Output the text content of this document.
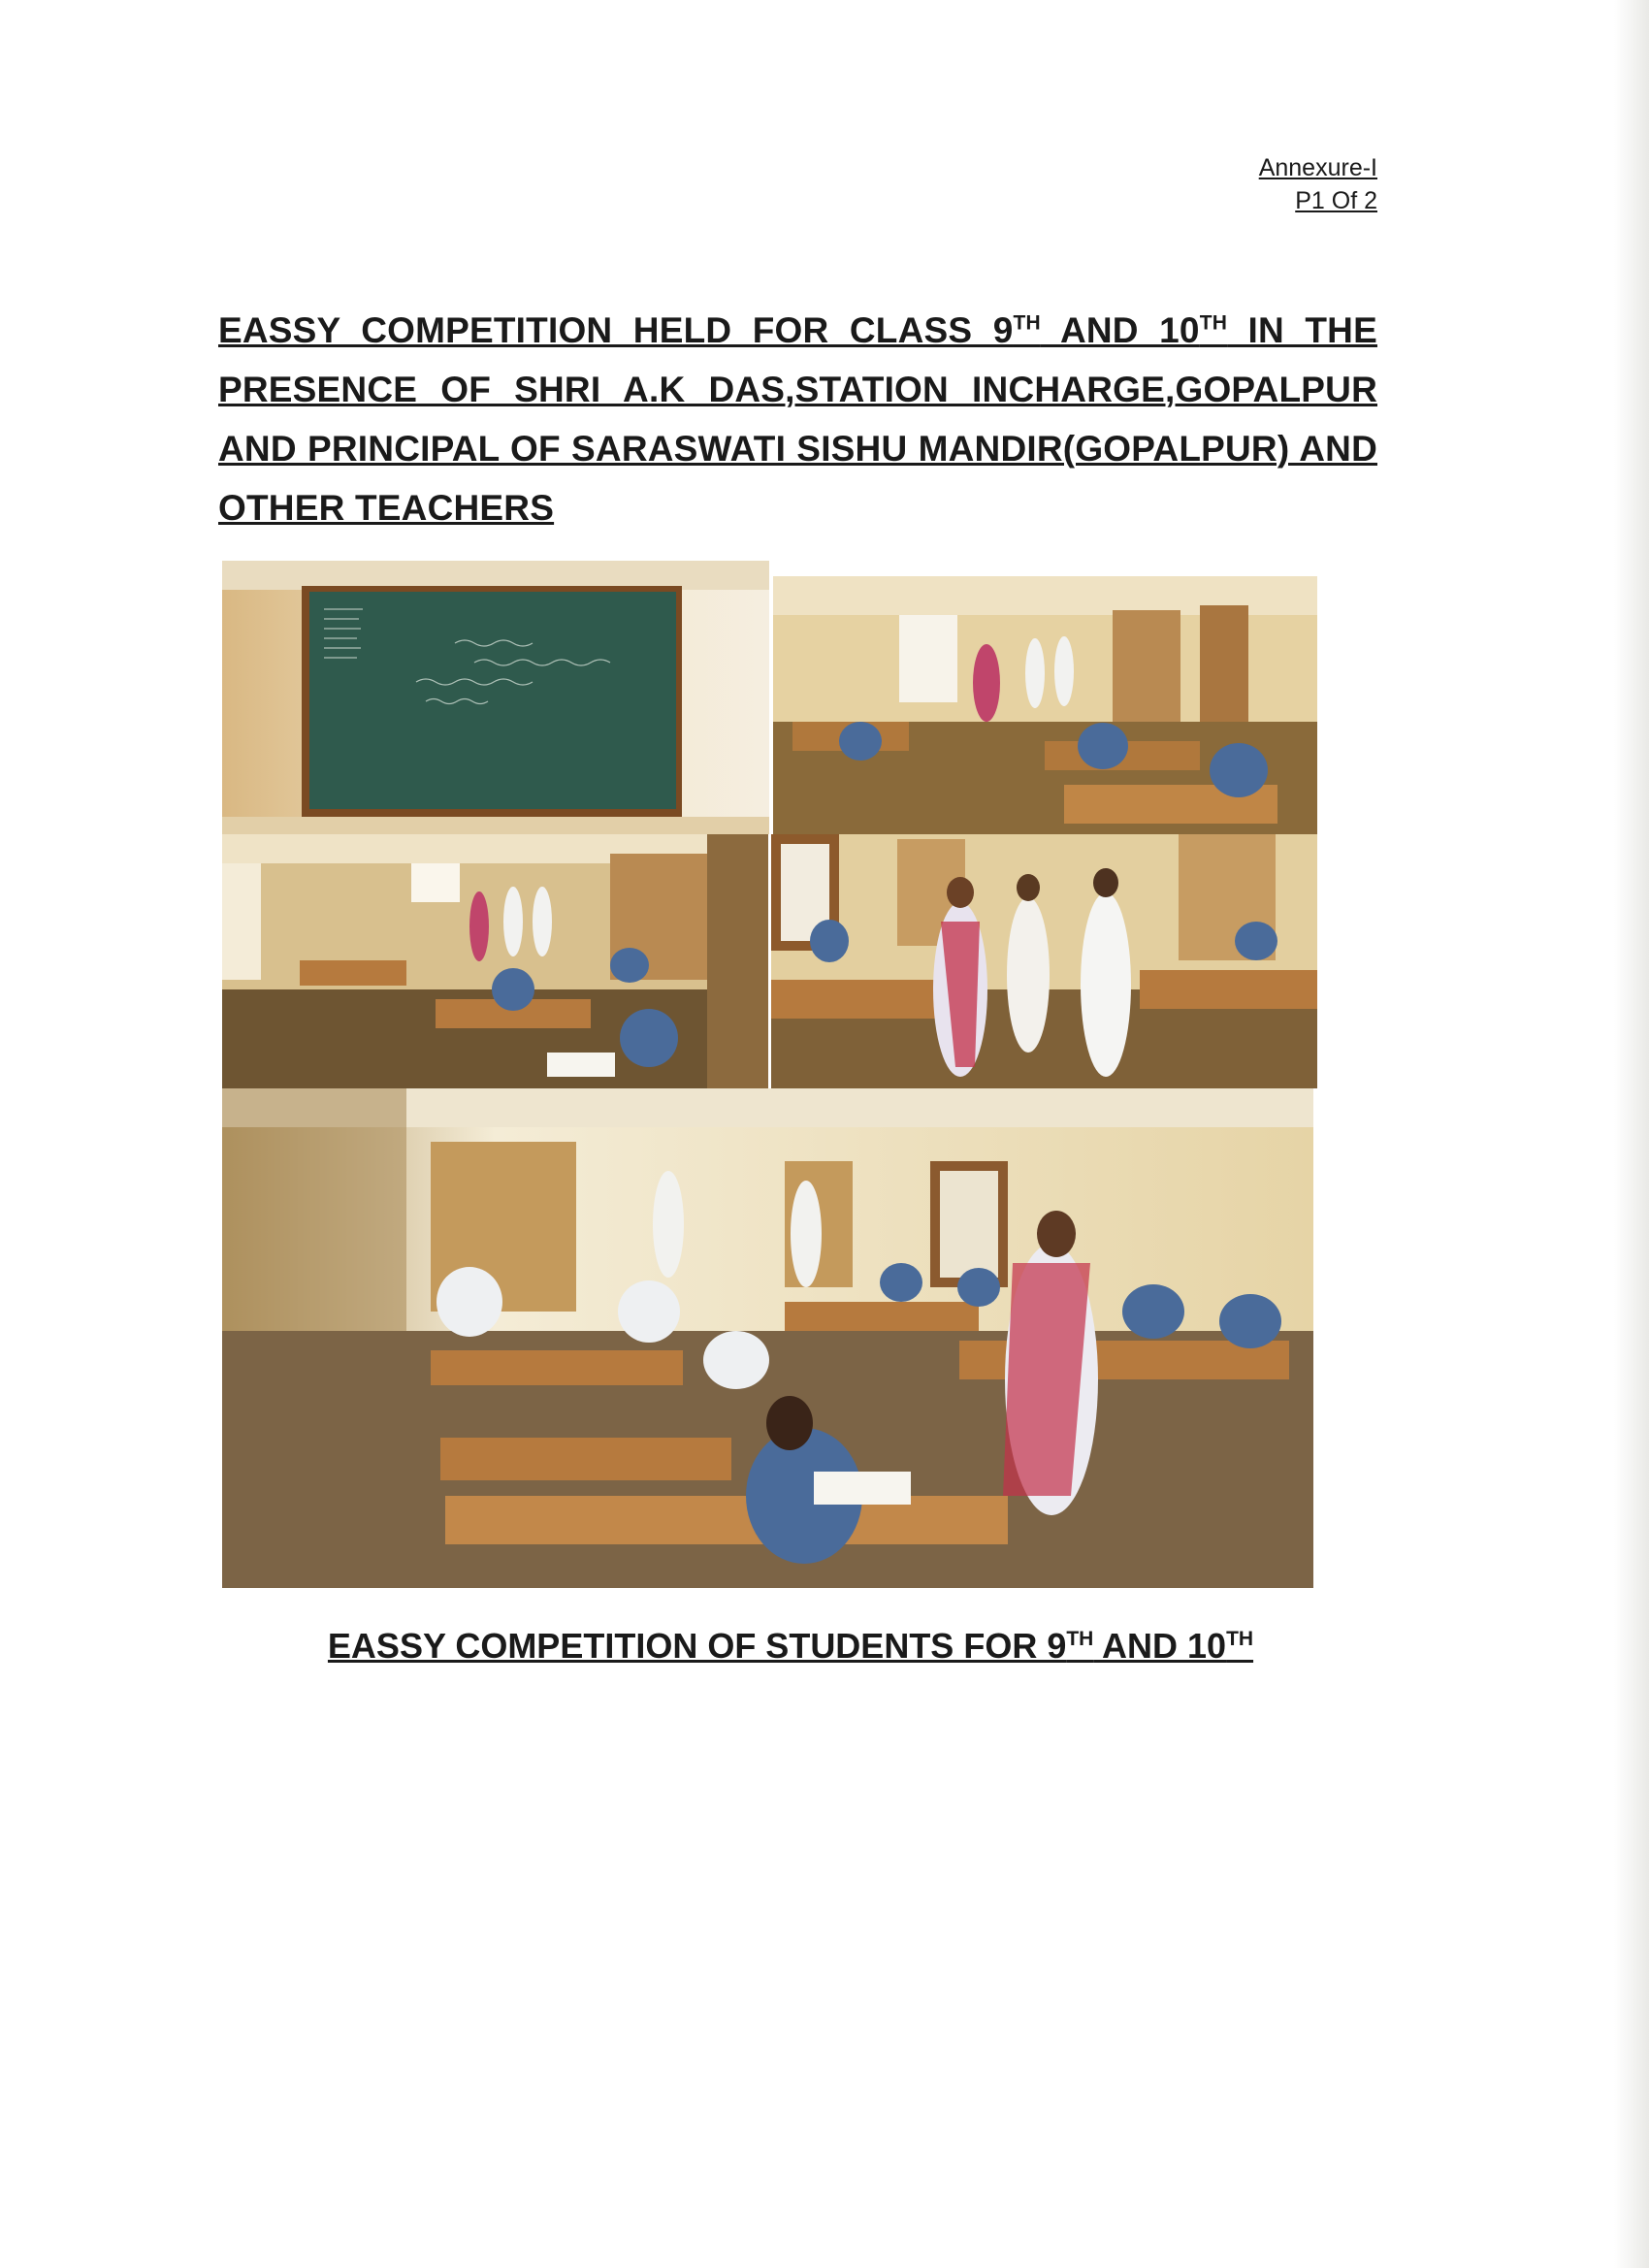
Annexure-I
P1 Of 2
EASSY COMPETITION HELD FOR CLASS 9TH AND 10TH IN THE PRESENCE OF SHRI A.K DAS,STATION INCHARGE,GOPALPUR AND PRINCIPAL OF SARASWATI SISHU MANDIR(GOPALPUR) AND OTHER TEACHERS
EASSY COMPETITION OF STUDENTS FOR 9TH AND 10TH
